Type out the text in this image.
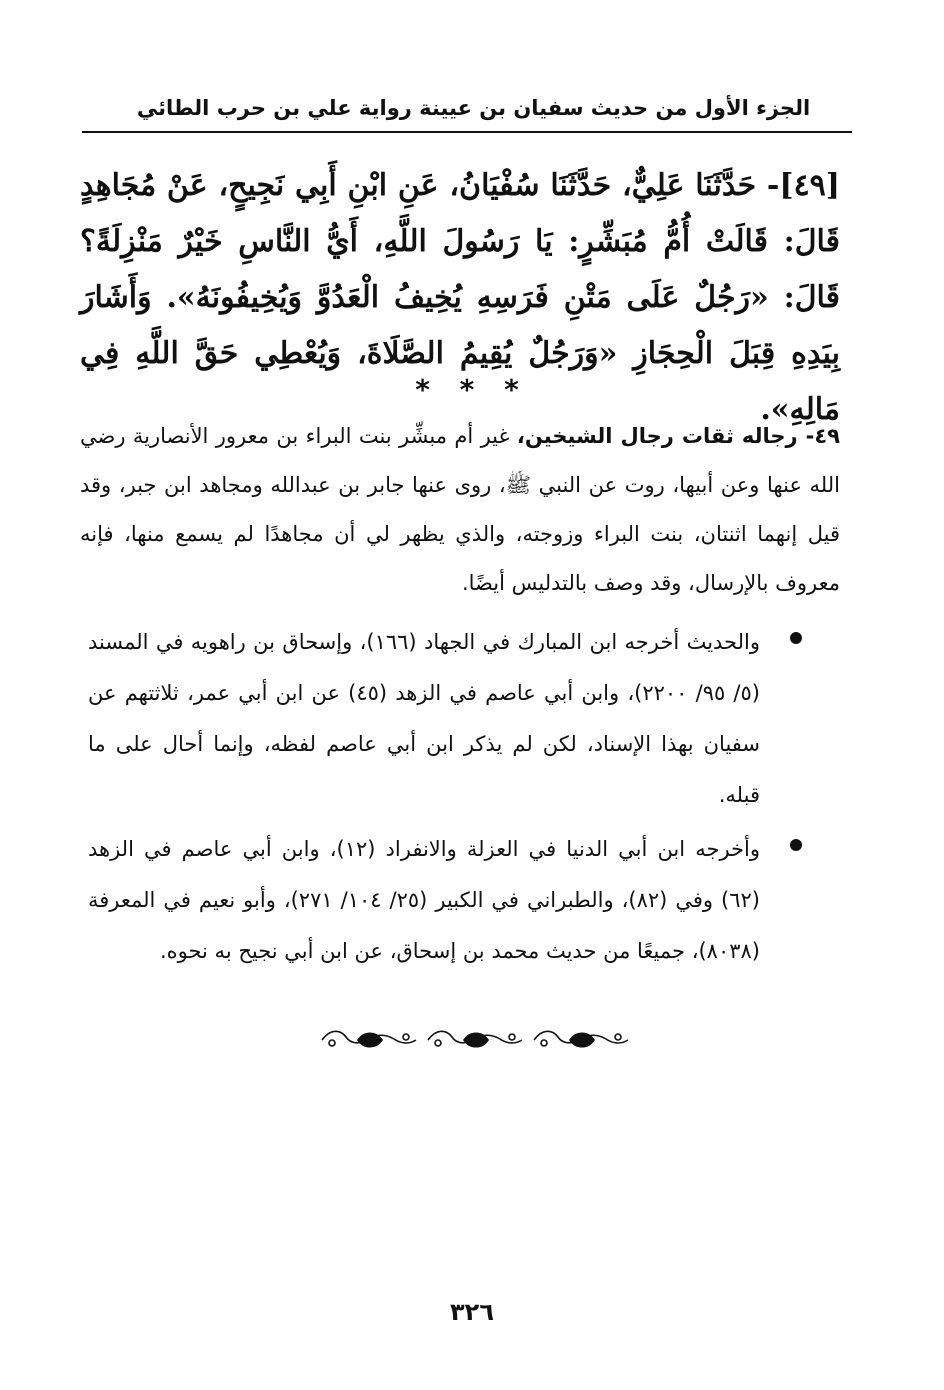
الجزء الأول من حديث سفيان بن عيينة رواية علي بن حرب الطائي
[٤٩]- حَدَّثَنَا عَلِيٌّ، حَدَّثَنَا سُفْيَانُ، عَنِ ابْنِ أَبِي نَجِيحٍ، عَنْ مُجَاهِدٍ قَالَ: قَالَتْ أُمُّ مُبَشِّرٍ: يَا رَسُولَ اللَّهِ، أَيُّ النَّاسِ خَيْرٌ مَنْزِلَةً؟ قَالَ: «رَجُلٌ عَلَى مَتْنِ فَرَسِهِ يُخِيفُ الْعَدُوَّ وَيُخِيفُونَهُ». وَأَشَارَ بِيَدِهِ قِبَلَ الْحِجَازِ «وَرَجُلٌ يُقِيمُ الصَّلَاةَ، وَيُعْطِي حَقَّ اللَّهِ فِي مَالِهِ».
* * *
٤٩- رجاله ثقات رجال الشيخين، غير أم مبشِّر بنت البراء بن معرور الأنصارية رضي الله عنها وعن أبيها، روت عن النبي ﷺ، روى عنها جابر بن عبدالله ومجاهد ابن جبر، وقد قيل إنهما اثنتان، بنت البراء وزوجته، والذي يظهر لي أن مجاهدًا لم يسمع منها، فإنه معروف بالإرسال، وقد وصف بالتدليس أيضًا.
والحديث أخرجه ابن المبارك في الجهاد (١٦٦)، وإسحاق بن راهويه في المسند (٥/ ٩٥/ ٢٢٠٠)، وابن أبي عاصم في الزهد (٤٥) عن ابن أبي عمر، ثلاثتهم عن سفيان بهذا الإسناد، لكن لم يذكر ابن أبي عاصم لفظه، وإنما أحال على ما قبله.
وأخرجه ابن أبي الدنيا في العزلة والانفراد (١٢)، وابن أبي عاصم في الزهد (٦٢) وفي (٨٢)، والطبراني في الكبير (٢٥/ ١٠٤/ ٢٧١)، وأبو نعيم في المعرفة (٨٠٣٨)، جميعًا من حديث محمد بن إسحاق، عن ابن أبي نجيح به نحوه.
٣٢٦
